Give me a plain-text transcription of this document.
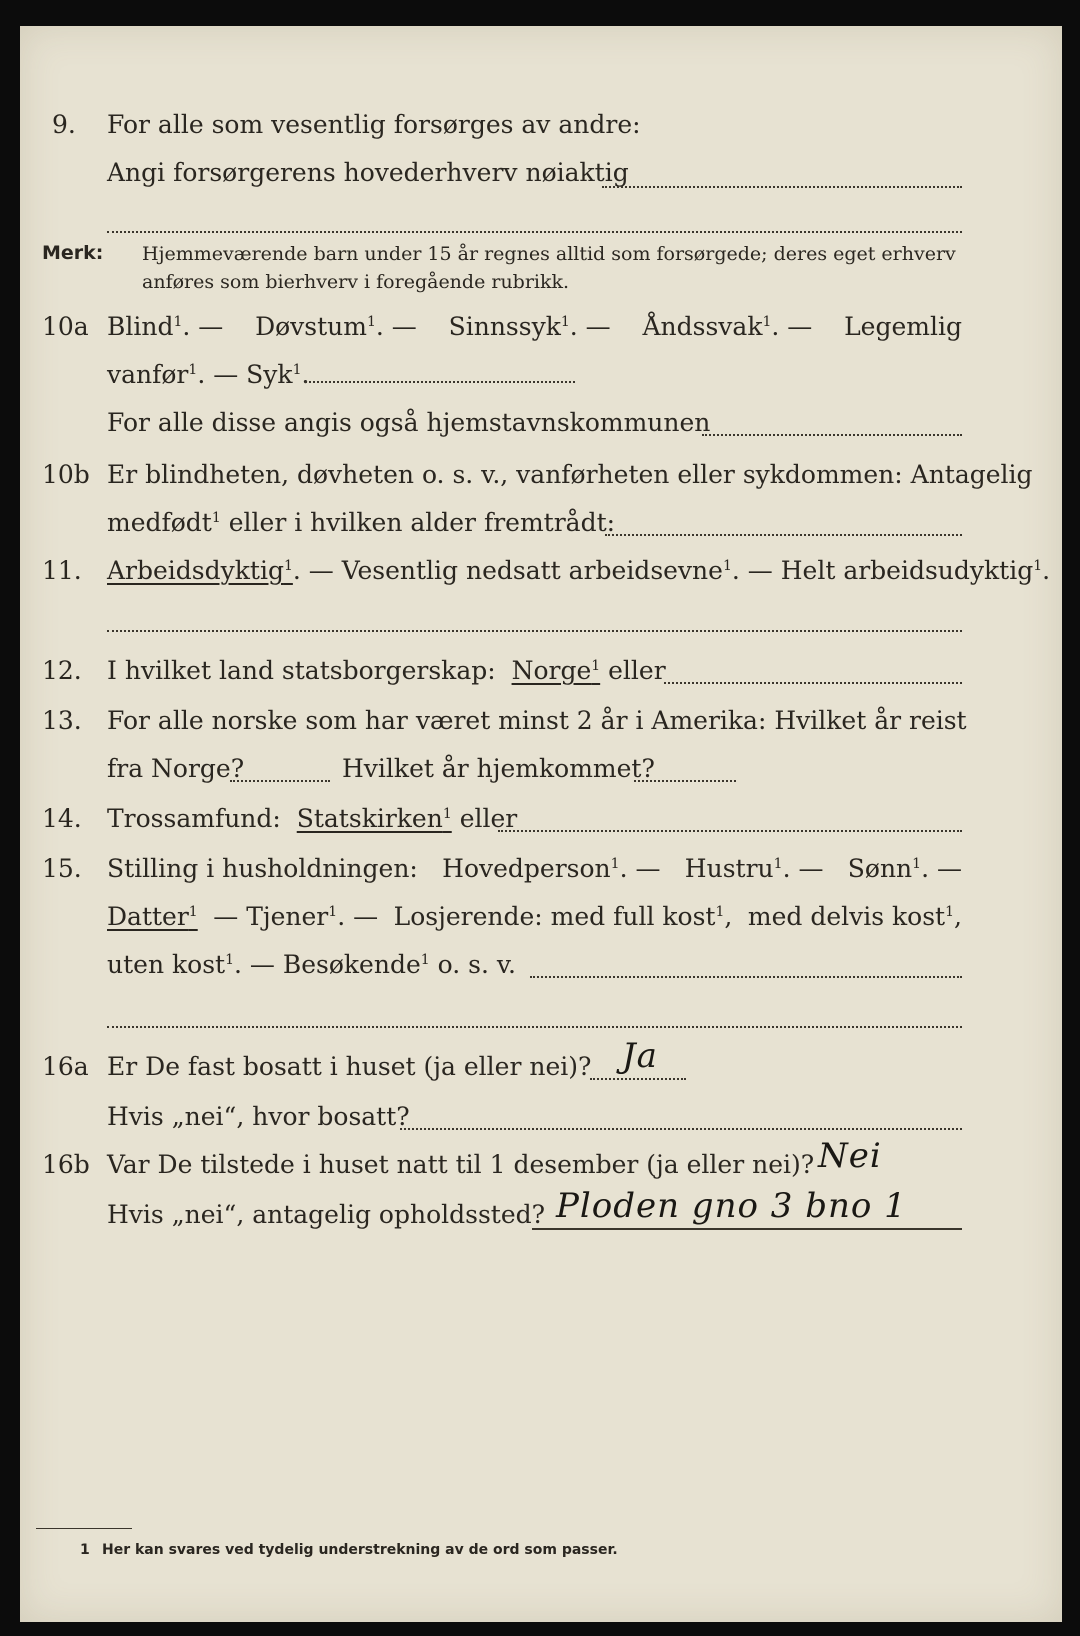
9. For alle som vesentlig forsørges av andre:
Angi forsørgerens hovederhverv nøiaktig
Merk: Hjemmeværende barn under 15 år regnes alltid som forsørgede; deres eget erhverv
anføres som bierhverv i foregående rubrikk.
10a Blind$^1$. — Døvstum$^1$. — Sinnssyk$^1$. — Åndssvak$^1$. — Legemlig
vanfør$^1$. — Syk$^1$.
For alle disse angis også hjemstavnskommunen
10b Er blindheten, døvheten o. s. v., vanførheten eller sykdommen: Antagelig
medfødt$^1$ eller i hvilken alder fremtrådt:
11. Arbeidsdyktig$^1$. — Vesentlig nedsatt arbeidsevne$^1$. — Helt arbeidsudyktig$^1$.
12. I hvilket land statsborgerskap: Norge$^1$ eller
13. For alle norske som har været minst 2 år i Amerika: Hvilket år reist
fra Norge?	Hvilket år hjemkommet?
14. Trossamfund: Statskirken$^1$ eller
15. Stilling i husholdningen: Hovedperson$^1$. — Hustru$^1$. — Sønn$^1$. —
Datter$^1$ — Tjener$^1$. — Losjerende: med full kost$^1$, med delvis kost$^1$,
uten kost$^1$. — Besøkende$^1$ o. s. v.
16a Er De fast bosatt i huset (ja eller nei)? Ja
Hvis „nei“, hvor bosatt?
16b Var De tilstede i huset natt til 1 desember (ja eller nei)? Nei
Hvis „nei“, antagelig opholdssted? Ploden gno 3 bno 1
1 Her kan svares ved tydelig understrekning av de ord som passer.
